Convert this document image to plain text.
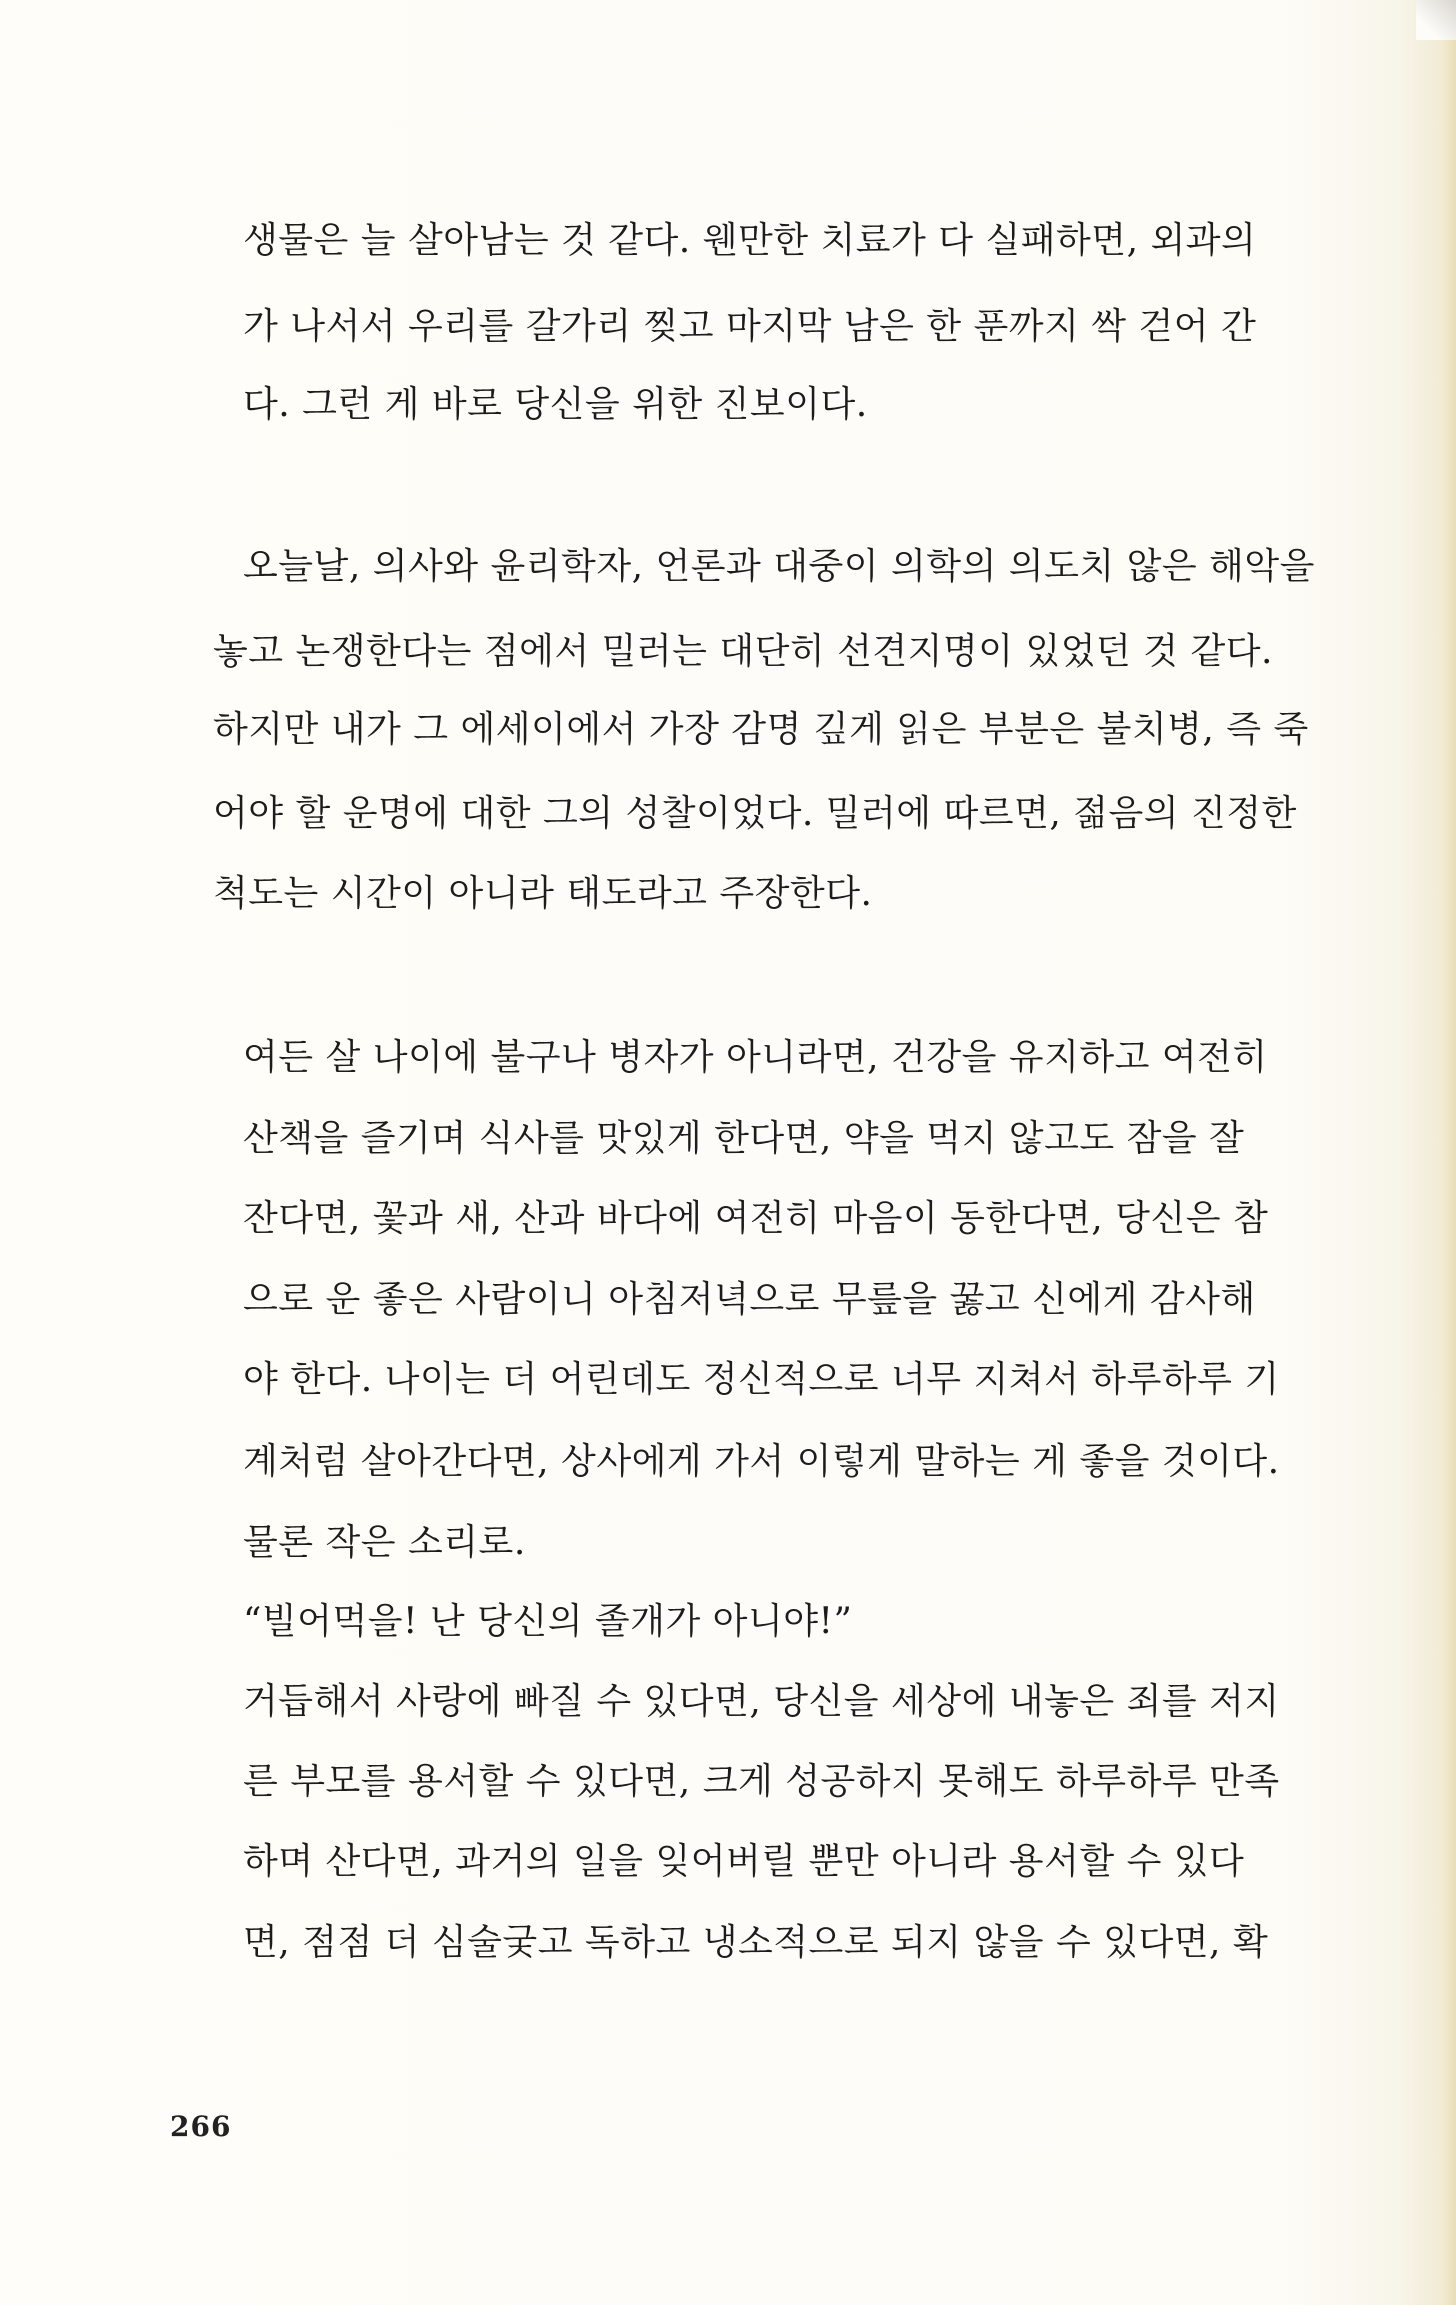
생물은 늘 살아남는 것 같다. 웬만한 치료가 다 실패하면, 외과의
가 나서서 우리를 갈가리 찢고 마지막 남은 한 푼까지 싹 걷어 간
다. 그런 게 바로 당신을 위한 진보이다.
오늘날, 의사와 윤리학자, 언론과 대중이 의학의 의도치 않은 해악을
놓고 논쟁한다는 점에서 밀러는 대단히 선견지명이 있었던 것 같다.
하지만 내가 그 에세이에서 가장 감명 깊게 읽은 부분은 불치병, 즉 죽
어야 할 운명에 대한 그의 성찰이었다. 밀러에 따르면, 젊음의 진정한
척도는 시간이 아니라 태도라고 주장한다.
여든 살 나이에 불구나 병자가 아니라면, 건강을 유지하고 여전히
산책을 즐기며 식사를 맛있게 한다면, 약을 먹지 않고도 잠을 잘
잔다면, 꽃과 새, 산과 바다에 여전히 마음이 동한다면, 당신은 참
으로 운 좋은 사람이니 아침저녁으로 무릎을 꿇고 신에게 감사해
야 한다. 나이는 더 어린데도 정신적으로 너무 지쳐서 하루하루 기
계처럼 살아간다면, 상사에게 가서 이렇게 말하는 게 좋을 것이다.
물론 작은 소리로.
“빌어먹을! 난 당신의 졸개가 아니야!”
거듭해서 사랑에 빠질 수 있다면, 당신을 세상에 내놓은 죄를 저지
른 부모를 용서할 수 있다면, 크게 성공하지 못해도 하루하루 만족
하며 산다면, 과거의 일을 잊어버릴 뿐만 아니라 용서할 수 있다
면, 점점 더 심술궂고 독하고 냉소적으로 되지 않을 수 있다면, 확
266
